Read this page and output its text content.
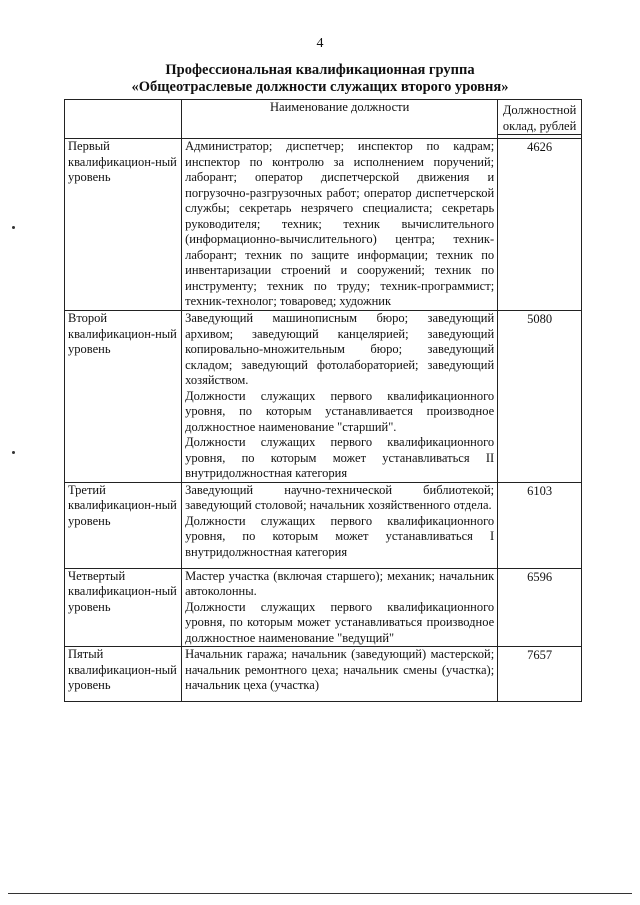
4
Профессиональная квалификационная группа
«Общеотраслевые должности служащих второго уровня»
	Наименование должности	Должностной
оклад, рублей

Первый квалификацион-ный уровень	Администратор; диспетчер; инспектор по кадрам; инспектор по контролю за исполнением поручений; лаборант; оператор диспетчерской движения и погрузочно-разгрузочных работ; оператор диспетчерской службы; секретарь незрячего специалиста; секретарь руководителя; техник; техник вычислительного (информационно-вычислительного) центра; техник-лаборант; техник по защите информации; техник по инвентаризации строений и сооружений; техник по инструменту; техник по труду; техник-программист; техник-технолог; товаровед; художник	4626

Второй квалификацион-ный уровень	Заведующий машинописным бюро; заведующий архивом; заведующий канцелярией; заведующий копировально-множительным бюро; заведующий складом; заведующий фотолабораторией; заведующий хозяйством.

Должности служащих первого квалификационного уровня, по которым устанавливается производное должностное наименование "старший".

Должности служащих первого квалификационного уровня, по которым может устанавливаться II внутридолжностная категория	5080

Третий квалификацион-ный уровень	Заведующий научно-технической библиотекой; заведующий столовой; начальник хозяйственного отдела.

Должности служащих первого квалификационного уровня, по которым может устанавливаться I внутридолжностная категория	6103

Четвертый квалификацион-ный уровень	Мастер участка (включая старшего); механик; начальник автоколонны.

Должности служащих первого квалификационного уровня, по которым может устанавливаться производное должностное наименование "ведущий"	6596

Пятый квалификацион-ный уровень	Начальник гаража; начальник (заведующий) мастерской; начальник ремонтного цеха; начальник смены (участка); начальник цеха (участка)	7657
